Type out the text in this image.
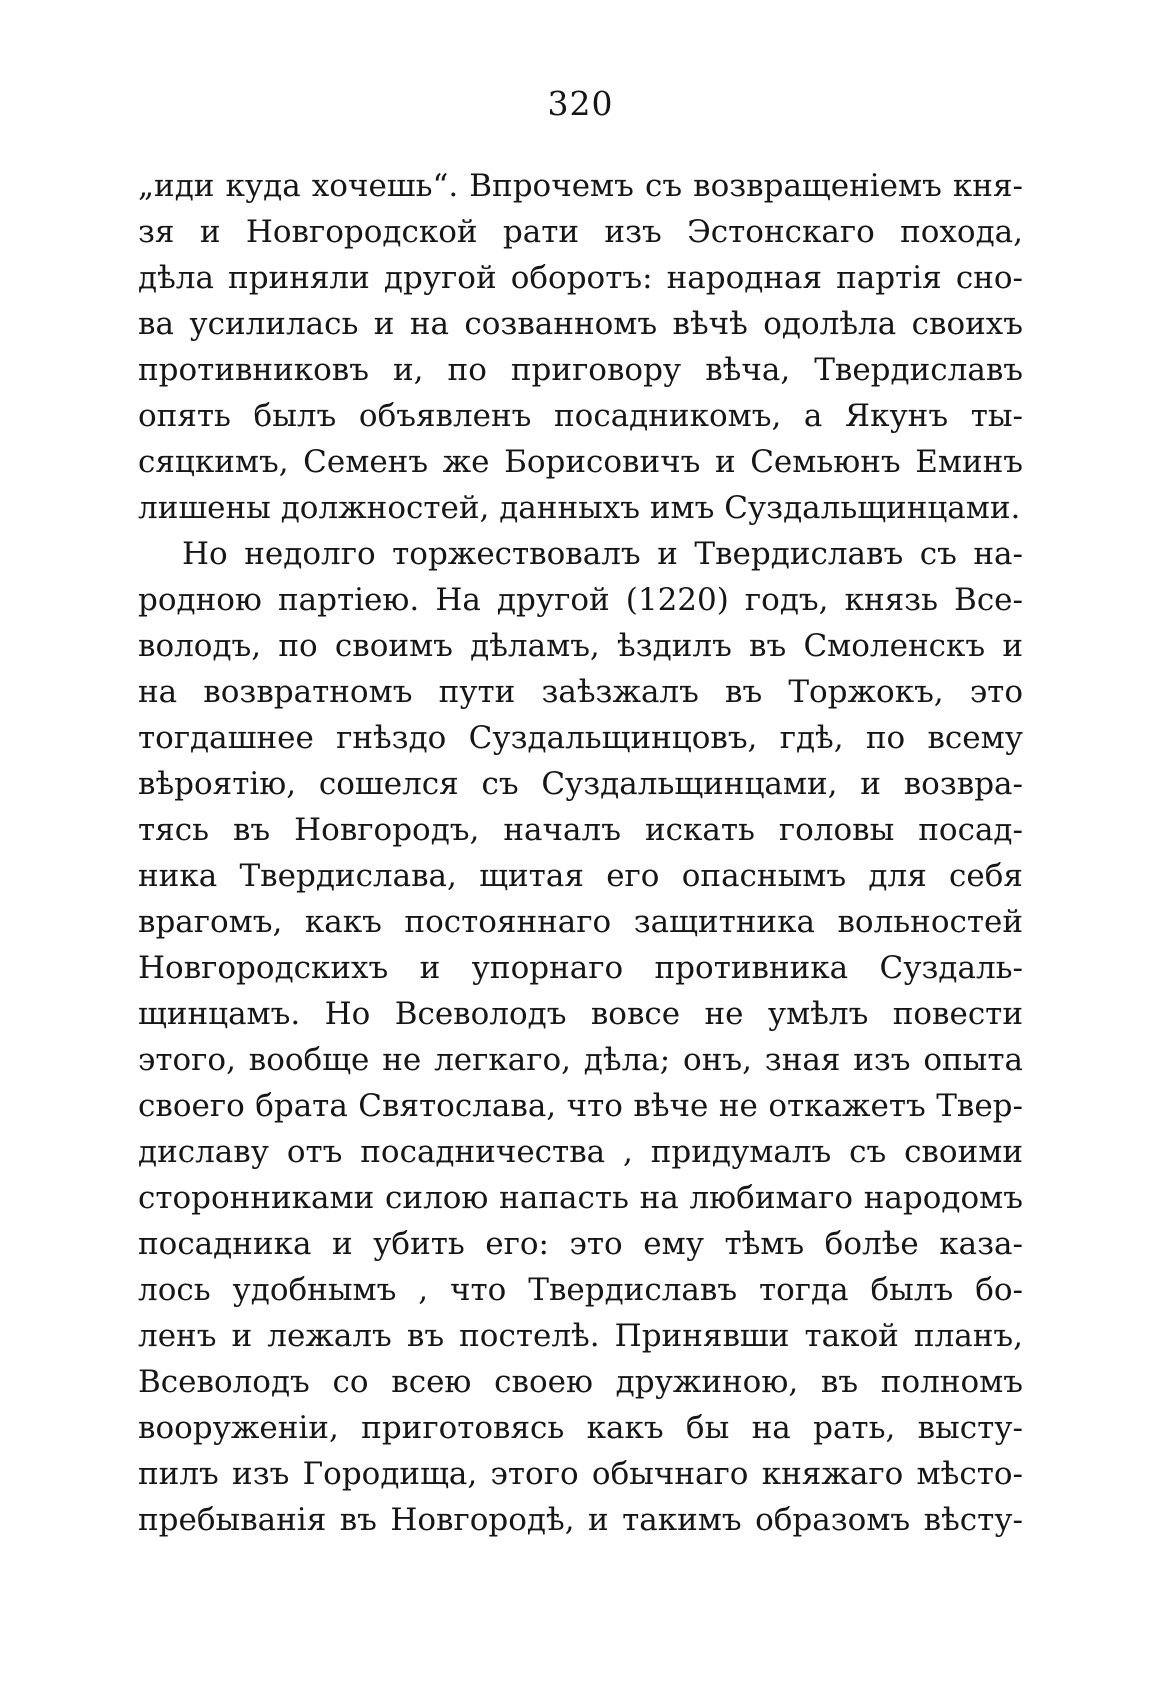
320
„иди куда хочешь“. Впрочемъ съ возвращенiемъ кня-
зя и Новгородской рати изъ Эстонскаго похода,
дѣла приняли другой оборотъ: народная партiя сно-
ва усилилась и на созванномъ вѣчѣ одолѣла своихъ
противниковъ и, по приговору вѣча, Твердиславъ
опять былъ объявленъ посадникомъ, а Якунъ ты-
сяцкимъ, Семенъ же Борисовичъ и Семьюнъ Еминъ
лишены должностей, данныхъ имъ Суздальщинцами.
Но недолго торжествовалъ и Твердиславъ съ на-
родною партiею. На другой (1220) годъ, князь Все-
володъ, по своимъ дѣламъ, ѣздилъ въ Смоленскъ и
на возвратномъ пути заѣзжалъ въ Торжокъ, это
тогдашнее гнѣздо Суздальщинцовъ, гдѣ, по всему
вѣроятiю, сошелся съ Суздальщинцами, и возвра-
тясь въ Новгородъ, началъ искать головы посад-
ника Твердислава, щитая его опаснымъ для себя
врагомъ, какъ постояннаго защитника вольностей
Новгородскихъ и упорнаго противника Суздаль-
щинцамъ. Но Всеволодъ вовсе не умѣлъ повести
этого, вообще не легкаго, дѣла; онъ, зная изъ опыта
своего брата Святослава, что вѣче не откажетъ Твер-
диславу отъ посадничества , придумалъ съ своими
сторонниками силою напасть на любимаго народомъ
посадника и убить его: это ему тѣмъ болѣе каза-
лось удобнымъ , что Твердиславъ тогда былъ бо-
ленъ и лежалъ въ постелѣ. Принявши такой планъ,
Всеволодъ со всею своею дружиною, въ полномъ
вооруженiи, приготовясь какъ бы на рать, высту-
пилъ изъ Городища, этого обычнаго княжаго мѣсто-
пребыванiя въ Новгородѣ, и такимъ образомъ вѣсту-
